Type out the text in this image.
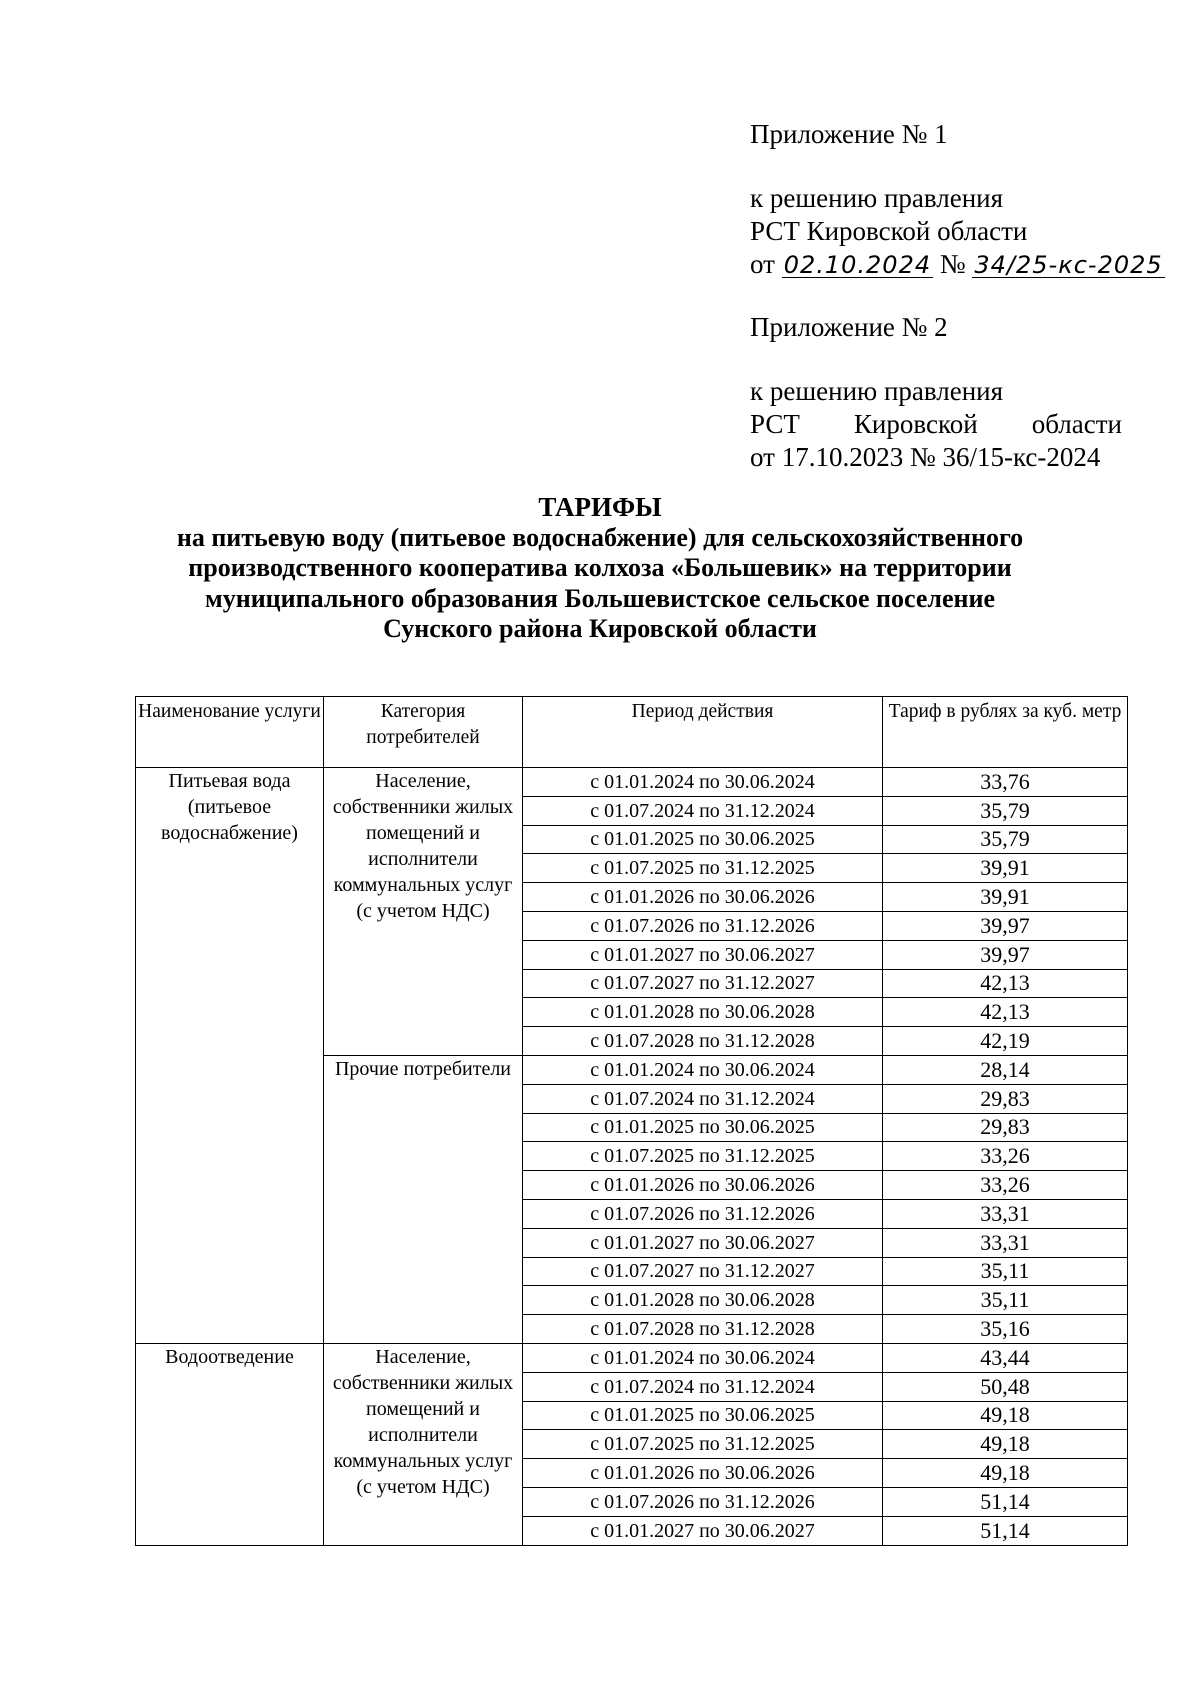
Приложение № 1
к решению правления
РСТ Кировской области
от 02.10.2024 № 34/25-кс-2025
Приложение № 2
к решению правления
РСТ Кировской области
от 17.10.2023 № 36/15-кс-2024
ТАРИФЫ
на питьевую воду (питьевое водоснабжение) для сельскохозяйственного
производственного кооператива колхоза «Большевик» на территории
муниципального образования Большевистское сельское поселение
Сунского района Кировской области
Наименование услуги	Категория потребителей	Период действия	Тариф в рублях за куб. метр
Питьевая вода (питьевое водоснабжение)	Население, собственники жилых помещений и исполнители коммунальных услуг (с учетом НДС)	с 01.01.2024 по 30.06.2024	33,76
		с 01.07.2024 по 31.12.2024	35,79
		с 01.01.2025 по 30.06.2025	35,79
		с 01.07.2025 по 31.12.2025	39,91
		с 01.01.2026 по 30.06.2026	39,91
		с 01.07.2026 по 31.12.2026	39,97
		с 01.01.2027 по 30.06.2027	39,97
		с 01.07.2027 по 31.12.2027	42,13
		с 01.01.2028 по 30.06.2028	42,13
		с 01.07.2028 по 31.12.2028	42,19
	Прочие потребители	с 01.01.2024 по 30.06.2024	28,14
		с 01.07.2024 по 31.12.2024	29,83
		с 01.01.2025 по 30.06.2025	29,83
		с 01.07.2025 по 31.12.2025	33,26
		с 01.01.2026 по 30.06.2026	33,26
		с 01.07.2026 по 31.12.2026	33,31
		с 01.01.2027 по 30.06.2027	33,31
		с 01.07.2027 по 31.12.2027	35,11
		с 01.01.2028 по 30.06.2028	35,11
		с 01.07.2028 по 31.12.2028	35,16
Водоотведение	Население, собственники жилых помещений и исполнители коммунальных услуг (с учетом НДС)	с 01.01.2024 по 30.06.2024	43,44
		с 01.07.2024 по 31.12.2024	50,48
		с 01.01.2025 по 30.06.2025	49,18
		с 01.07.2025 по 31.12.2025	49,18
		с 01.01.2026 по 30.06.2026	49,18
		с 01.07.2026 по 31.12.2026	51,14
		с 01.01.2027 по 30.06.2027	51,14
